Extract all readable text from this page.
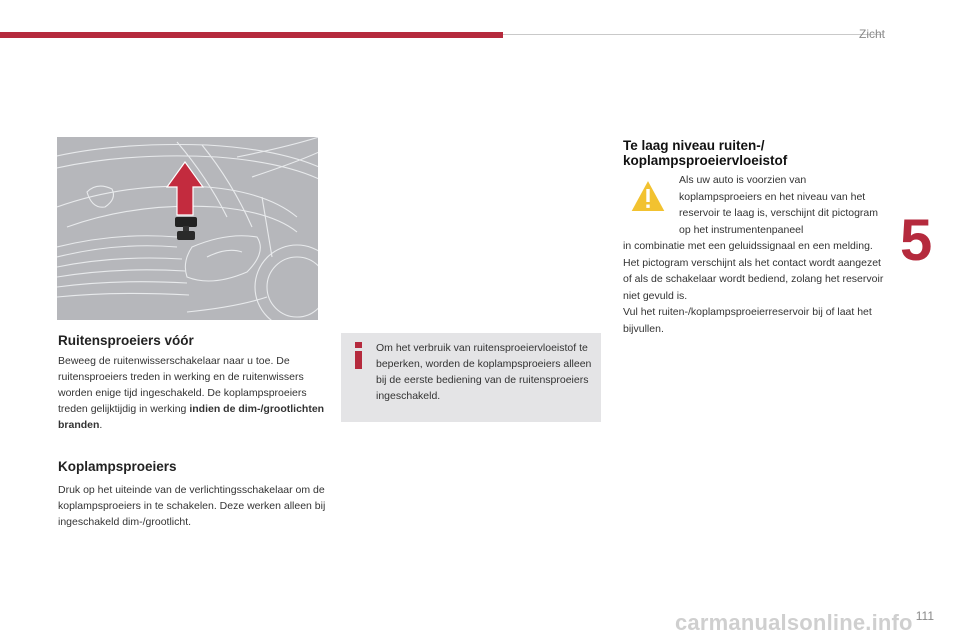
Zicht
5
111
Ruitensproeiers vóór
Beweeg de ruitenwisserschakelaar naar u toe. De ruitensproeiers treden in werking en de ruitenwissers worden enige tijd ingeschakeld. De koplampsproeiers treden gelijktijdig in werking indien de dim-/grootlichten branden.
Koplampsproeiers
Druk op het uiteinde van de verlichtingsschakelaar om de koplampsproeiers in te schakelen. Deze werken alleen bij ingeschakeld dim-/grootlicht.
Om het verbruik van ruitensproeiervloeistof te beperken, worden de koplampsproeiers alleen bij de eerste bediening van de ruitensproeiers ingeschakeld.
Te laag niveau ruiten-/ koplampsproeiervloeistof
Als uw auto is voorzien van koplampsproeiers en het niveau van het reservoir te laag is, verschijnt dit pictogram op het instrumentenpaneel

in combinatie met een geluidssignaal en een melding.

Het pictogram verschijnt als het contact wordt aangezet of als de schakelaar wordt bediend, zolang het reservoir niet gevuld is.

Vul het ruiten-/koplampsproeierreservoir bij of laat het bijvullen.

carmanualsonline.info
